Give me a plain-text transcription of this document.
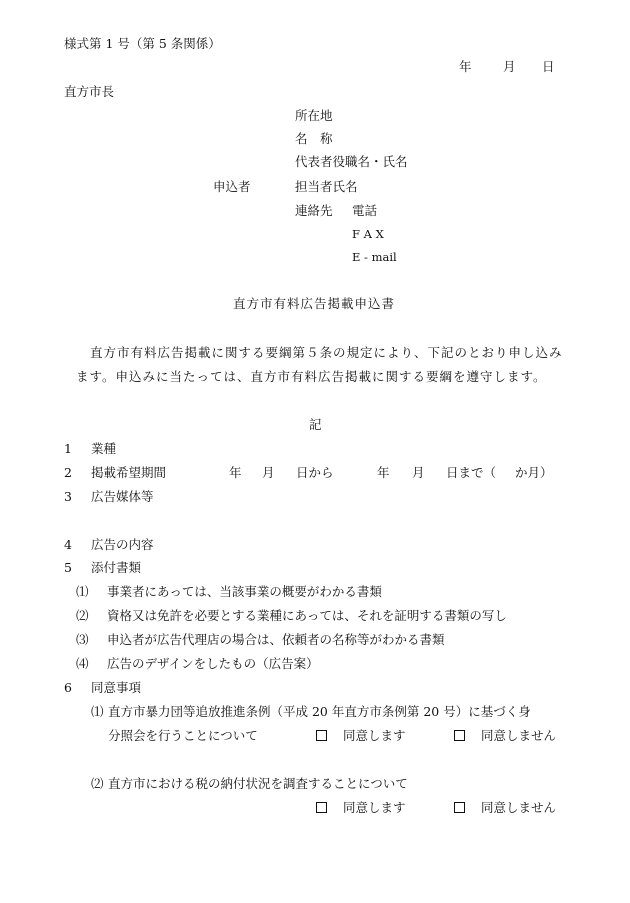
様式第 1 号（第 5 条関係）
年	月 日
直方市長
所在地
名　称
代表者役職名・氏名
申込者	担当者氏名
連絡先 電話
F A X
E - mail
直方市有料広告掲載申込書
直方市有料広告掲載に関する要綱第５条の規定により、下記のとおり申し込み
ます。申込みに当たっては、直方市有料広告掲載に関する要綱を遵守します。
記
1 業種
2 掲載希望期間	年 月 日から	年 月 日まで（ か月）
3 広告媒体等
4 広告の内容
5 添付書類
⑴ 事業者にあっては、当該事業の概要がわかる書類
⑵ 資格又は免許を必要とする業種にあっては、それを証明する書類の写し
⑶ 申込者が広告代理店の場合は、依頼者の名称等がわかる書類
⑷ 広告のデザインをしたもの（広告案）
6 同意事項
⑴ 直方市暴力団等追放推進条例（平成 20 年直方市条例第 20 号）に基づく身
分照会を行うことについて	同意します	同意しません
⑵ 直方市における税の納付状況を調査することについて
同意します	同意しません
